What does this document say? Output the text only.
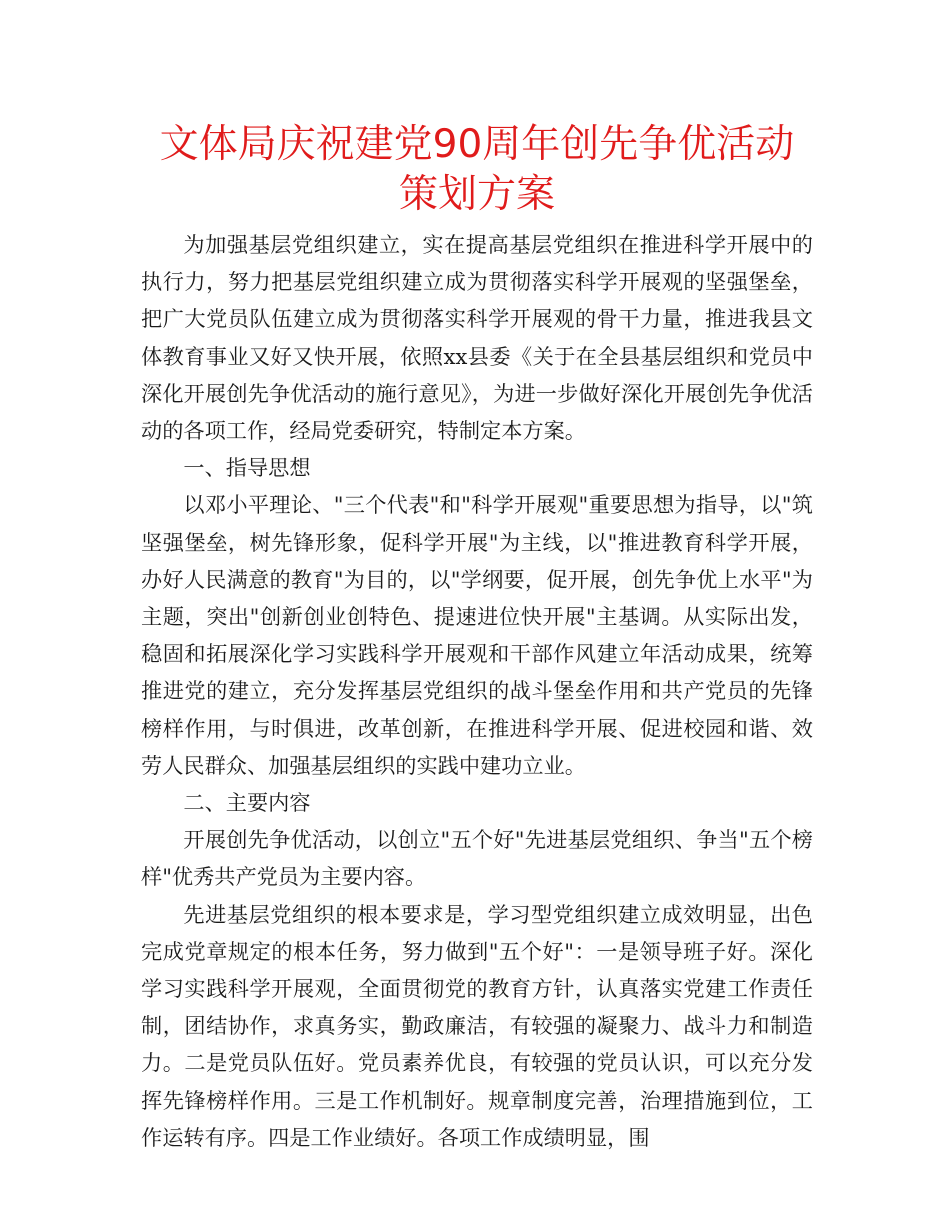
文体局庆祝建党90周年创先争优活动策划方案

为加强基层党组织建立，实在提高基层党组织在推进科学开展中的执行力，努力把基层党组织建立成为贯彻落实科学开展观的坚强堡垒，把广大党员队伍建立成为贯彻落实科学开展观的骨干力量，推进我县文体教育事业又好又快开展，依照xx县委《关于在全县基层组织和党员中深化开展创先争优活动的施行意见》，为进一步做好深化开展创先争优活动的各项工作，经局党委研究，特制定本方案。

一、指导思想

以邓小平理论、"三个代表"和"科学开展观"重要思想为指导，以"筑坚强堡垒，树先锋形象，促科学开展"为主线，以"推进教育科学开展，办好人民满意的教育"为目的，以"学纲要，促开展，创先争优上水平"为主题，突出"创新创业创特色、提速进位快开展"主基调。从实际出发，稳固和拓展深化学习实践科学开展观和干部作风建立年活动成果，统筹推进党的建立，充分发挥基层党组织的战斗堡垒作用和共产党员的先锋榜样作用，与时俱进，改革创新，在推进科学开展、促进校园和谐、效劳人民群众、加强基层组织的实践中建功立业。

二、主要内容

开展创先争优活动，以创立"五个好"先进基层党组织、争当"五个榜样"优秀共产党员为主要内容。

先进基层党组织的根本要求是，学习型党组织建立成效明显，出色完成党章规定的根本任务，努力做到"五个好"：一是领导班子好。深化学习实践科学开展观，全面贯彻党的教育方针，认真落实党建工作责任制，团结协作，求真务实，勤政廉洁，有较强的凝聚力、战斗力和制造力。二是党员队伍好。党员素养优良，有较强的党员认识，可以充分发挥先锋榜样作用。三是工作机制好。规章制度完善，治理措施到位，工作运转有序。四是工作业绩好。各项工作成绩明显，围
